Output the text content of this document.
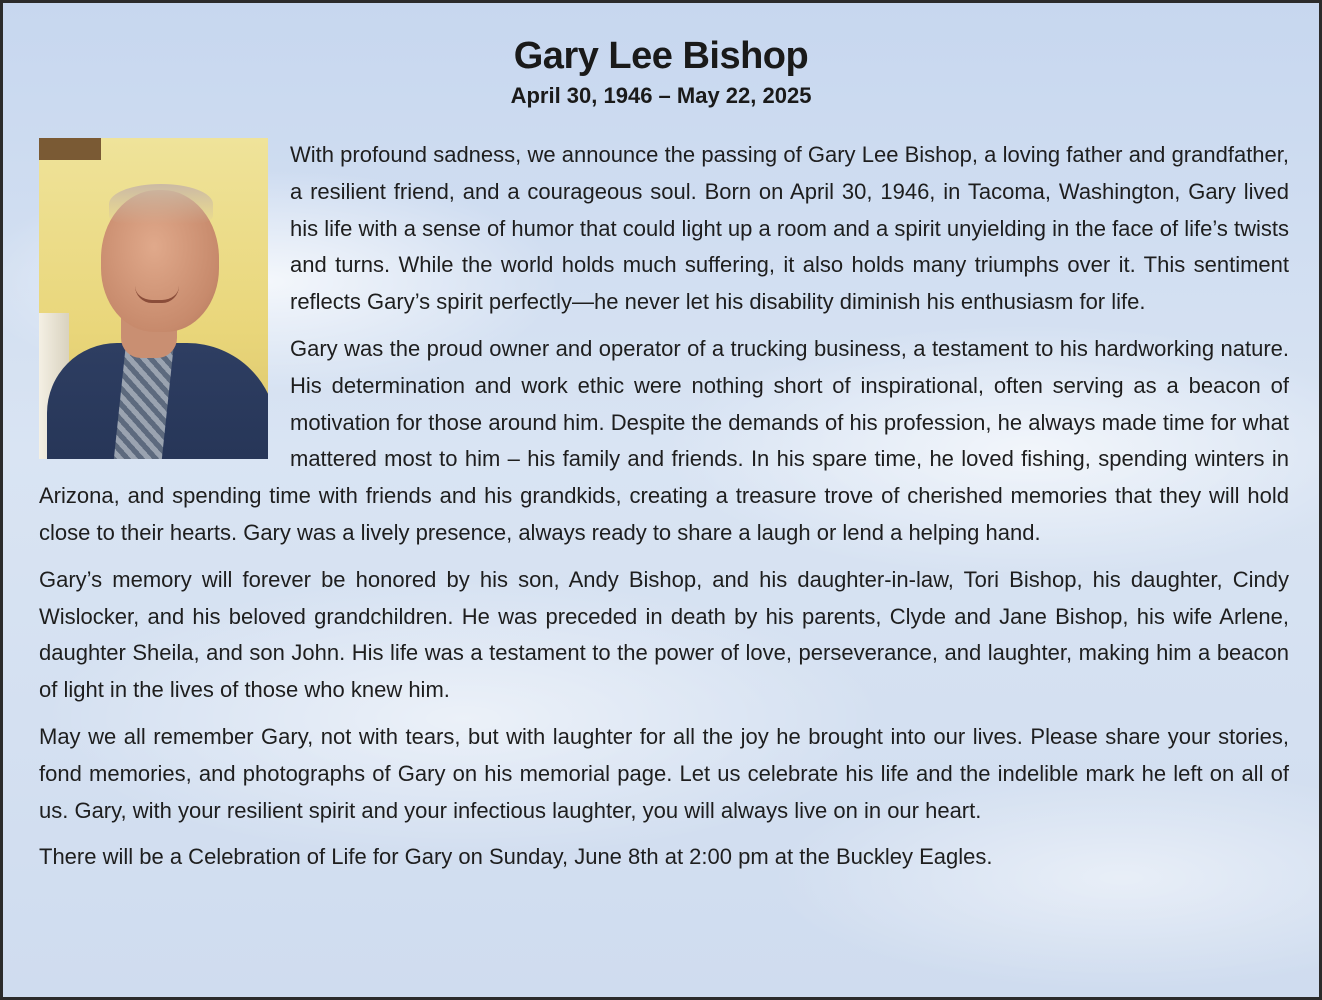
Gary Lee Bishop
April 30, 1946 – May 22, 2025

With profound sadness, we announce the passing of Gary Lee Bishop, a loving father and grandfather, a resilient friend, and a courageous soul. Born on April 30, 1946, in Tacoma, Washington, Gary lived his life with a sense of humor that could light up a room and a spirit unyielding in the face of life’s twists and turns. While the world holds much suffering, it also holds many triumphs over it. This sentiment reflects Gary’s spirit perfectly—he never let his disability diminish his enthusiasm for life.

Gary was the proud owner and operator of a trucking business, a testament to his hardworking nature. His determination and work ethic were nothing short of inspirational, often serving as a beacon of motivation for those around him. Despite the demands of his profession, he always made time for what mattered most to him – his family and friends. In his spare time, he loved fishing, spending winters in Arizona, and spending time with friends and his grandkids, creating a treasure trove of cherished memories that they will hold close to their hearts. Gary was a lively presence, always ready to share a laugh or lend a helping hand.

Gary’s memory will forever be honored by his son, Andy Bishop, and his daughter-in-law, Tori Bishop, his daughter, Cindy Wislocker, and his beloved grandchildren. He was preceded in death by his parents, Clyde and Jane Bishop, his wife Arlene, daughter Sheila, and son John. His life was a testament to the power of love, perseverance, and laughter, making him a beacon of light in the lives of those who knew him.

May we all remember Gary, not with tears, but with laughter for all the joy he brought into our lives. Please share your stories, fond memories, and photographs of Gary on his memorial page. Let us celebrate his life and the indelible mark he left on all of us. Gary, with your resilient spirit and your infectious laughter, you will always live on in our heart.

There will be a Celebration of Life for Gary on Sunday, June 8th at 2:00 pm at the Buckley Eagles.
